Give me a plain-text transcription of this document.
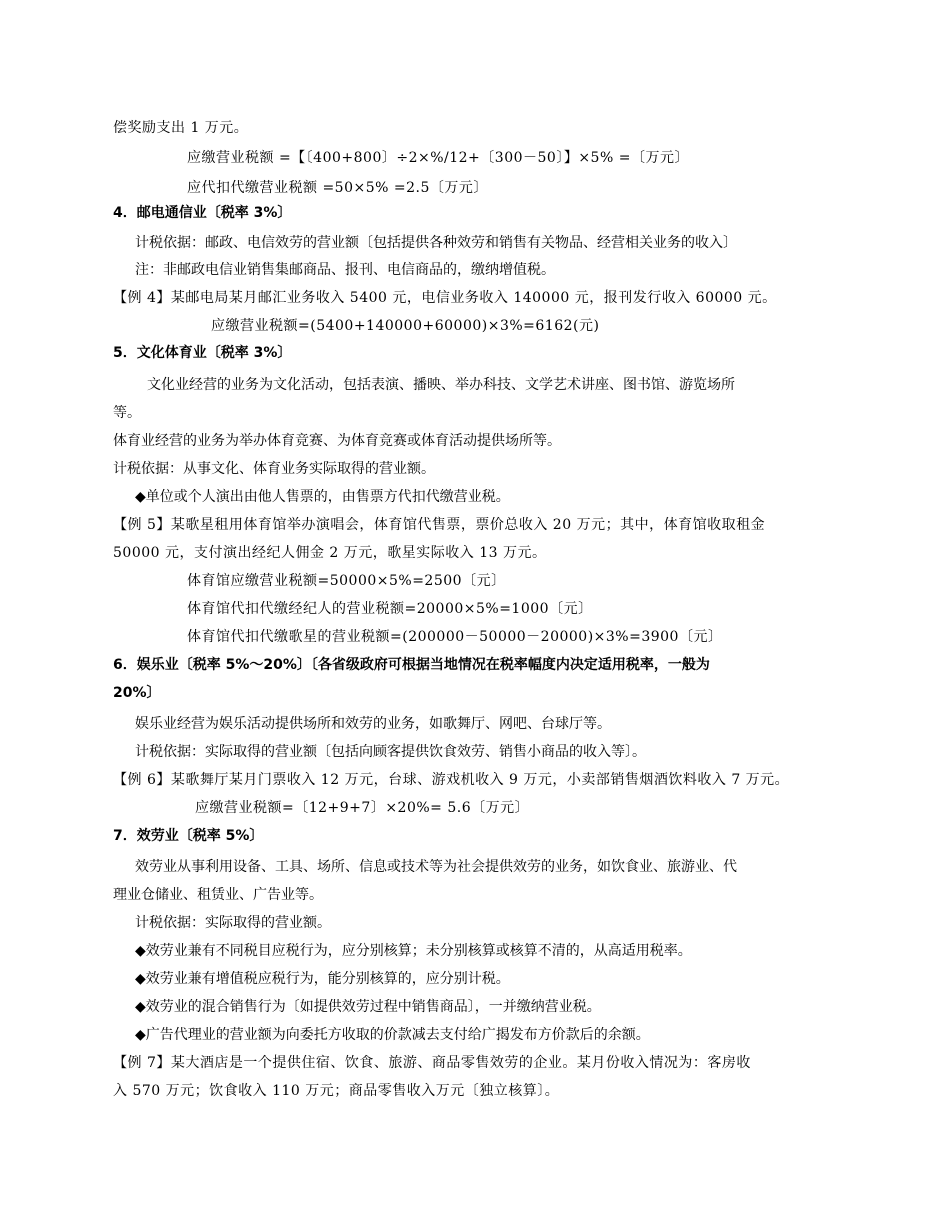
偿奖励支出 1 万元。
应缴营业税额 =【〔400+800〕÷2×%/12+〔300－50〕】×5% =〔万元〕
应代扣代缴营业税额 =50×5% =2.5〔万元〕
4．邮电通信业〔税率 3%〕
计税依据：邮政、电信效劳的营业额〔包括提供各种效劳和销售有关物品、经营相关业务的收入〕
注：非邮政电信业销售集邮商品、报刊、电信商品的，缴纳增值税。
【例 4】某邮电局某月邮汇业务收入 5400 元，电信业务收入 140000 元，报刊发行收入 60000 元。
应缴营业税额=(5400+140000+60000)×3%=6162(元)
5．文化体育业〔税率 3%〕
文化业经营的业务为文化活动，包括表演、播映、举办科技、文学艺术讲座、图书馆、游览场所
等。
体育业经营的业务为举办体育竞赛、为体育竞赛或体育活动提供场所等。
计税依据：从事文化、体育业务实际取得的营业额。
◆单位或个人演出由他人售票的，由售票方代扣代缴营业税。
【例 5】某歌星租用体育馆举办演唱会，体育馆代售票，票价总收入 20 万元；其中，体育馆收取租金
50000 元，支付演出经纪人佣金 2 万元，歌星实际收入 13 万元。
体育馆应缴营业税额=50000×5%=2500〔元〕
体育馆代扣代缴经纪人的营业税额=20000×5%=1000〔元〕
体育馆代扣代缴歌星的营业税额=(200000－50000－20000)×3%=3900〔元〕
6．娱乐业〔税率 5%～20%〕〔各省级政府可根据当地情况在税率幅度内决定适用税率，一般为
20%〕
娱乐业经营为娱乐活动提供场所和效劳的业务，如歌舞厅、网吧、台球厅等。
计税依据：实际取得的营业额〔包括向顾客提供饮食效劳、销售小商品的收入等〕。
【例 6】某歌舞厅某月门票收入 12 万元，台球、游戏机收入 9 万元，小卖部销售烟酒饮料收入 7 万元。
应缴营业税额=〔12+9+7〕×20%= 5.6〔万元〕
7．效劳业〔税率 5%〕
效劳业从事利用设备、工具、场所、信息或技术等为社会提供效劳的业务，如饮食业、旅游业、代
理业仓储业、租赁业、广告业等。
计税依据：实际取得的营业额。
◆效劳业兼有不同税目应税行为，应分别核算；未分别核算或核算不清的，从高适用税率。
◆效劳业兼有增值税应税行为，能分别核算的，应分别计税。
◆效劳业的混合销售行为〔如提供效劳过程中销售商品〕，一并缴纳营业税。
◆广告代理业的营业额为向委托方收取的价款减去支付给广揭发布方价款后的余额。
【例 7】某大酒店是一个提供住宿、饮食、旅游、商品零售效劳的企业。某月份收入情况为：客房收
入 570 万元；饮食收入 110 万元；商品零售收入万元〔独立核算〕。
